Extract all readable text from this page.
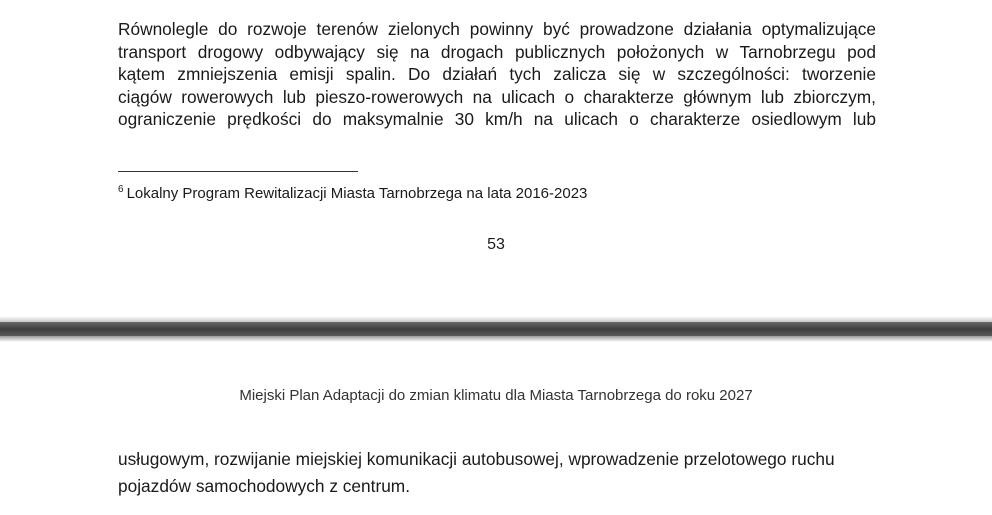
Równolegle do rozwoje terenów zielonych powinny być prowadzone działania optymalizujące
transport drogowy odbywający się na drogach publicznych położonych w Tarnobrzegu pod
kątem zmniejszenia emisji spalin. Do działań tych zalicza się w szczególności: tworzenie
ciągów rowerowych lub pieszo-rowerowych na ulicach o charakterze głównym lub zbiorczym,
ograniczenie prędkości do maksymalnie 30 km/h na ulicach o charakterze osiedlowym lub
$^6$ Lokalny Program Rewitalizacji Miasta Tarnobrzega na lata 2016-2023
53
Miejski Plan Adaptacji do zmian klimatu dla Miasta Tarnobrzega do roku 2027
usługowym, rozwijanie miejskiej komunikacji autobusowej, wprowadzenie przelotowego ruchu
pojazdów samochodowych z centrum.
